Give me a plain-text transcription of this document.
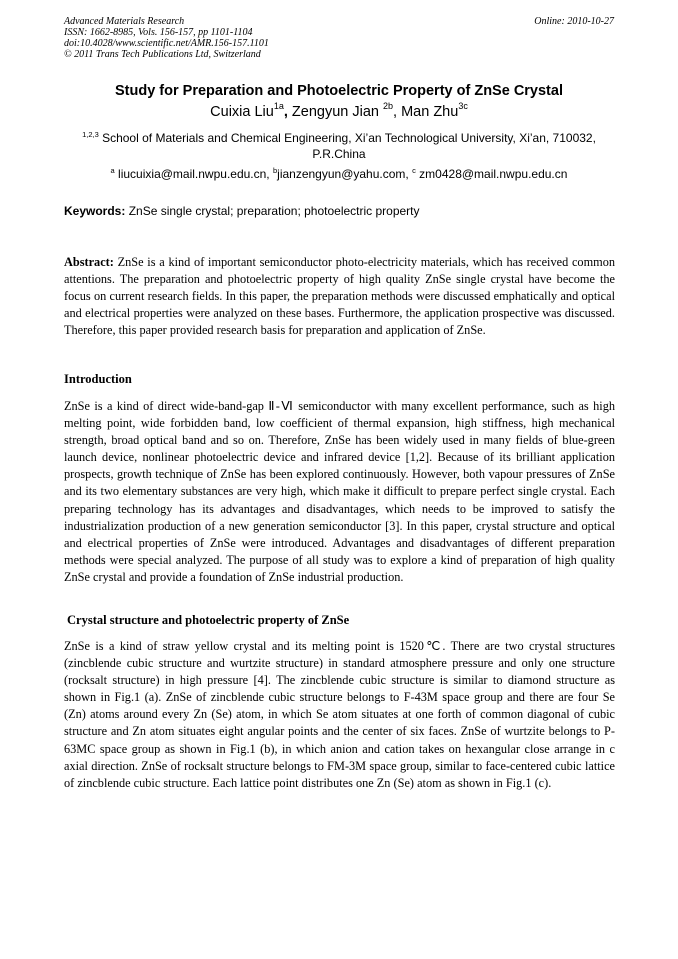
Advanced Materials Research
ISSN: 1662-8985, Vols. 156-157, pp 1101-1104
doi:10.4028/www.scientific.net/AMR.156-157.1101
© 2011 Trans Tech Publications Ltd, Switzerland
Online: 2010-10-27
Study for Preparation and Photoelectric Property of ZnSe Crystal
Cuixia Liu$^{1a}$, Zengyun Jian $^{2b}$, Man Zhu$^{3c}$
$^{1,2,3}$ School of Materials and Chemical Engineering, Xi’an Technological University, Xi’an, 710032, P.R.China
$^a$ liucuixia@mail.nwpu.edu.cn, $^b$jianzengyun@yahu.com, $^c$ zm0428@mail.nwpu.edu.cn
Keywords: ZnSe single crystal; preparation; photoelectric property
Abstract: ZnSe is a kind of important semiconductor photo-electricity materials, which has received common attentions. The preparation and photoelectric property of high quality ZnSe single crystal have become the focus on current research fields. In this paper, the preparation methods were discussed emphatically and optical and electrical properties were analyzed on these bases. Furthermore, the application prospective was discussed. Therefore, this paper provided research basis for preparation and application of ZnSe.
Introduction
ZnSe is a kind of direct wide-band-gap Ⅱ-Ⅵ semiconductor with many excellent performance, such as high melting point, wide forbidden band, low coefficient of thermal expansion, high stiffness, high mechanical strength, broad optical band and so on. Therefore, ZnSe has been widely used in many fields of blue-green launch device, nonlinear photoelectric device and infrared device [1,2]. Because of its brilliant application prospects, growth technique of ZnSe has been explored continuously. However, both vapour pressures of ZnSe and its two elementary substances are very high, which make it difficult to prepare perfect single crystal. Each preparing technology has its advantages and disadvantages, which needs to be improved to satisfy the industrialization production of a new generation semiconductor [3]. In this paper, crystal structure and optical and electrical properties of ZnSe were introduced. Advantages and disadvantages of different preparation methods were special analyzed. The purpose of all study was to explore a kind of preparation of high quality ZnSe crystal and provide a foundation of ZnSe industrial production.
Crystal structure and photoelectric property of ZnSe
ZnSe is a kind of straw yellow crystal and its melting point is 1520℃. There are two crystal structures (zincblende cubic structure and wurtzite structure) in standard atmosphere pressure and only one structure (rocksalt structure) in high pressure [4]. The zincblende cubic structure is similar to diamond structure as shown in Fig.1 (a). ZnSe of zincblende cubic structure belongs to F-43M space group and there are four Se (Zn) atoms around every Zn (Se) atom, in which Se atom situates at one forth of common diagonal of cubic structure and Zn atom situates eight angular points and the center of six faces. ZnSe of wurtzite belongs to P-63MC space group as shown in Fig.1 (b), in which anion and cation takes on hexangular close arrange in c axial direction. ZnSe of rocksalt structure belongs to FM-3M space group, similar to face-centered cubic lattice of zincblende cubic structure. Each lattice point distributes one Zn (Se) atom as shown in Fig.1 (c).
